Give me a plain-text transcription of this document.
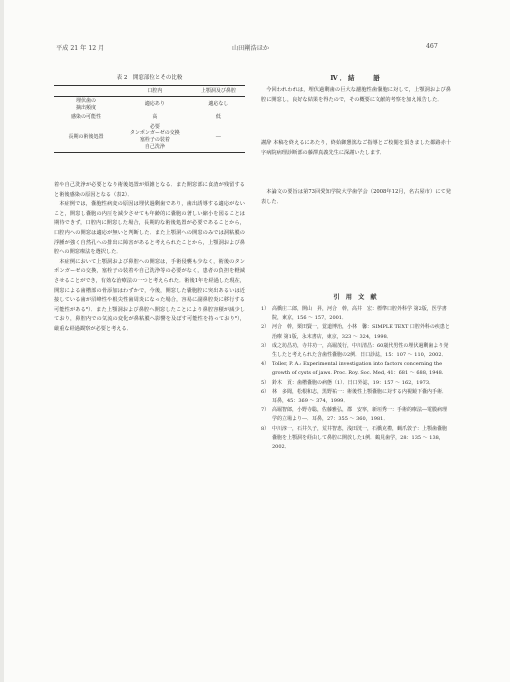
平成 21 年 12 月	山田剛浩ほか	467
表 2　開窓部位とその比較
	口腔内	上顎洞及び鼻腔
埋伏歯の
摘出頻度	適応あり	適応なし
感染の可能性	高	低
長期の術後処置	必要
タンポンガーゼの交換
塞栓子の装着
自己洗浄	―

着や自己洗浄が必要となり術後処置が煩雑となる．また開窓部に食渣が残留すると術後感染の原因となる（表2）．

本症例では，嚢胞性病変の原因は埋伏過剰歯であり，歯出誘導する適応がないこと，開窓し嚢胞の内圧を減少させても年齢的に嚢胞の著しい縮小を図ることは期待できず，口腔内に開窓した場合，長期的な術後処置が必要であることから，口腔内への開窓は適応が無いと判断した．また上顎洞への開窓のみでは洞粘膜の浮腫が強く自然孔への排出に障害があると考えられたことから，上顎洞および鼻腔への開窓療法を選択した．

本症例において上顎洞および鼻腔への開窓は，手術侵襲も少なく，術後のタンポンガーゼの交換，塞栓子の装着や自己洗浄等の必要がなく，患者の負担を軽減させることができ，有効な治療法の一つと考えられた．術後1年を経過した現在，開窓による歯槽部の骨添加はわずかで，今後，開窓した嚢胞腔に突出あるいは近接している歯が沼峰性や根尖性歯周炎になった場合，容易に副鼻腔炎に移行する可能性がある⁸）．また上顎洞および鼻腔へ開窓したことにより鼻腔容積が減少しており，鼻腔内での気流の変化が鼻粘膜へ影響を及ぼす可能性を持っており⁸），厳重な経過観察が必要と考える．

Ⅳ．結　　語

今回われわれは，埋伏過剰歯の巨大な濾胞性歯嚢胞に対して，上顎洞および鼻腔に開窓し，良好な結果を得たので，その概要に文献的考察を加え報告した．

謝辞 本稿を終えるにあたり，終始御懇篤なご指導とご校閲を頂きました都路赤十字病院病理診断部の藤澤真義先生に深謝いたします．

本論文の要旨は第73回愛知学院大学歯学会（2008年12月，名古屋市）にて発表した．

引 用 文 献
1） 高橋庄二郎，開山　昇，河合　幹，高井　宏：標準口腔外科学 第2版，医学書院，東京，156 ～ 157，2001．
2） 河合　幹，栗田賢一，覚道博治，小林　馨：SIMPLE TEXT 口腔外科の疾患と治療 第1版，永末書店，東京，323 ～ 324，1998．
3） 成之坊昌功，寺井功一，高堀茂行，中川清昌：60歳代男性の埋伏過剰歯より発生したと考えられた含歯性嚢胞の2例．日口診誌，15：107 ～ 110，2002．
4） Toller, P. A.: Experimental investigation into factors concerning the growth of cysts of jaws. Proc. Roy. Soc. Med, 41：681 ～ 688, 1948.
5） 鈴木　貢：歯槽嚢胞の病態（1）．日口外誌，19：157 ～ 162，1973．
6） 林　多聞，松根和志，黒野祐一：術後性上顎嚢胞に対する内視鏡下嚢内手術．耳鼻，45：369 ～ 374，1999．
7） 高堀智郎，小野寺聡，佐藤雅弘，郡　安寧，新垣秀一：手術的療法―電膜病理学的立場より―．耳鼻，27：355 ～ 360，1981．
8） 中川淳一，石井久子，荒井智恵，浅田洸一，石橋克禮，蝋爪敦子：上顎歯嚢胞嚢胞を上顎洞を経由して鼻腔に開放した1例．鶴見歯学，28：135 ～ 138，2002．
